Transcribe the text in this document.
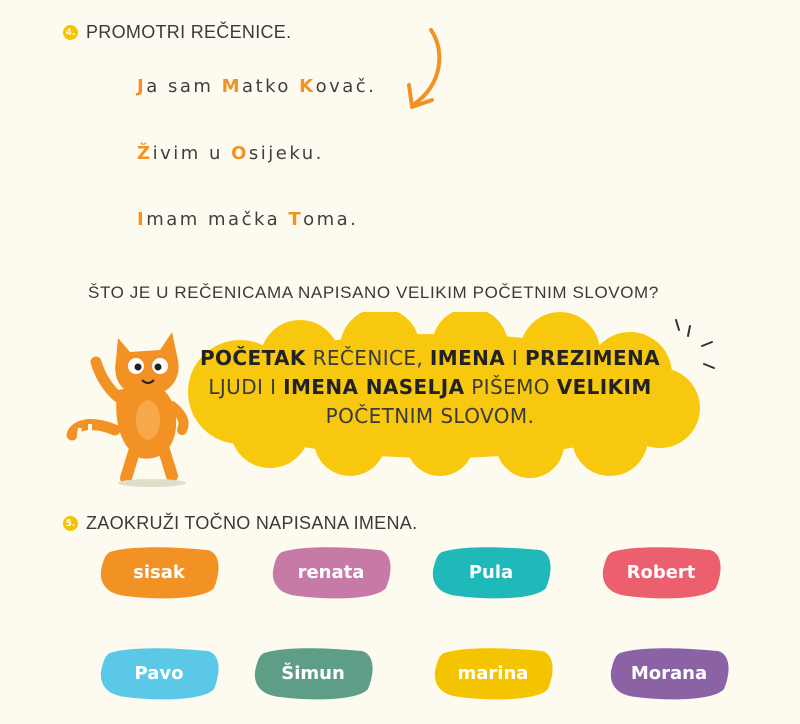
4. PROMOTRI REČENICE.
Ja sam Matko Kovač.
Živim u Osijeku.
Imam mačka Toma.
ŠTO JE U REČENICAMA NAPISANO VELIKIM POČETNIM SLOVOM?
POČETAK REČENICE, IMENA I PREZIMENA
LJUDI I IMENA NASELJA PIŠEMO VELIKIM
POČETNIM SLOVOM.
5. ZAOKRUŽI TOČNO NAPISANA IMENA.
sisak	renata	Pula	Robert
Pavo	Šimun	marina	Morana
